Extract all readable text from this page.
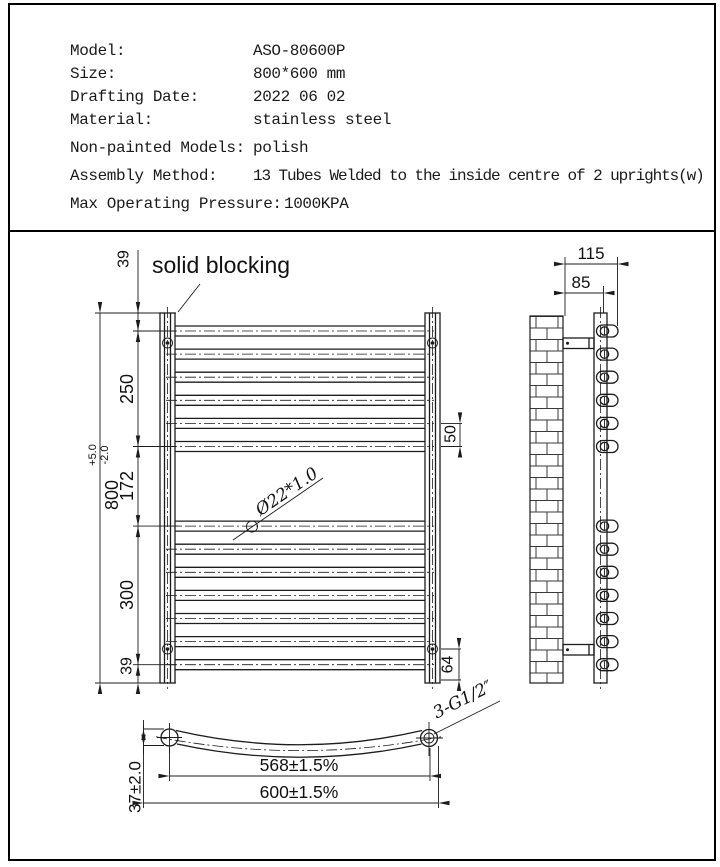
Model:	ASO-80600P
Size:	800*600 mm
Drafting Date:	2022 06 02
Material:	stainless steel
Non-painted Models: polish
Assembly Method: 13 Tubes Welded to the inside centre of 2 uprights(w)
Max Operating Pressure: 1000KPA
solid blocking
39
250
172
300
39
800
+5.0 -2.0
50
64
Ø22*1.0
115
85
37±2.0	568±1.5%
600±1.5%
3-G1/2″
